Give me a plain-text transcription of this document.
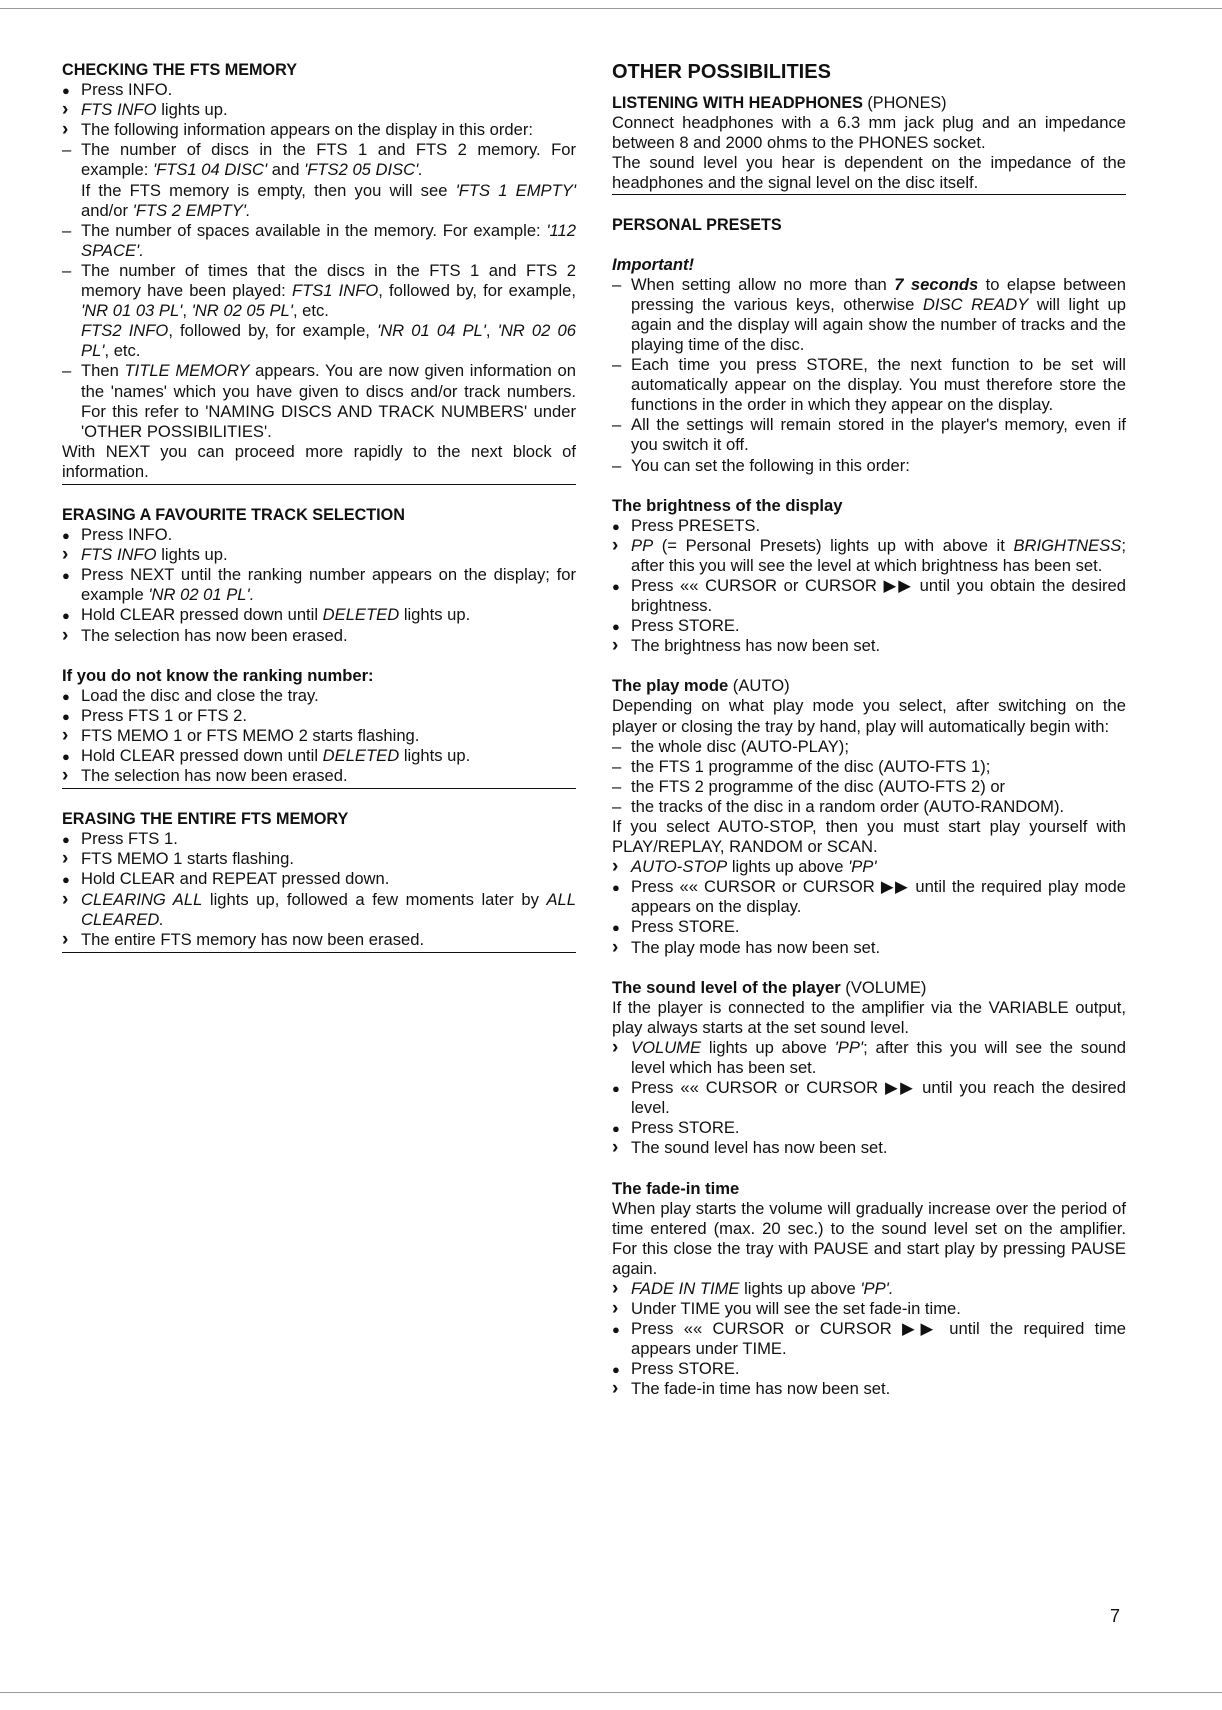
CHECKING THE FTS MEMORY
●
Press INFO.
›
FTS INFO lights up.
›
The following information appears on the display in this order:
–
The number of discs in the FTS 1 and FTS 2 memory. For example: 'FTS1 04 DISC' and 'FTS2 05 DISC'.
If the FTS memory is empty, then you will see 'FTS 1 EMPTY' and/or 'FTS 2 EMPTY'.
–
The number of spaces available in the memory. For example: '112 SPACE'.
–
The number of times that the discs in the FTS 1 and FTS 2 memory have been played: FTS1 INFO, followed by, for example, 'NR 01 03 PL', 'NR 02 05 PL', etc.
FTS2 INFO, followed by, for example, 'NR 01 04 PL', 'NR 02 06 PL', etc.
–
Then TITLE MEMORY appears. You are now given information on the 'names' which you have given to discs and/or track numbers. For this refer to 'NAMING DISCS AND TRACK NUMBERS' under 'OTHER POSSIBILITIES'.

With NEXT you can proceed more rapidly to the next block of information.

ERASING A FAVOURITE TRACK SELECTION
●
Press INFO.
›
FTS INFO lights up.
●
Press NEXT until the ranking number appears on the display; for example 'NR 02 01 PL'.
●
Hold CLEAR pressed down until DELETED lights up.
›
The selection has now been erased.
If you do not know the ranking number:
●
Load the disc and close the tray.
●
Press FTS 1 or FTS 2.
›
FTS MEMO 1 or FTS MEMO 2 starts flashing.
●
Hold CLEAR pressed down until DELETED lights up.
›
The selection has now been erased.
ERASING THE ENTIRE FTS MEMORY
●
Press FTS 1.
›
FTS MEMO 1 starts flashing.
●
Hold CLEAR and REPEAT pressed down.
›
CLEARING ALL lights up, followed a few moments later by ALL CLEARED.
›
The entire FTS memory has now been erased.
OTHER POSSIBILITIES
LISTENING WITH HEADPHONES (PHONES)

Connect headphones with a 6.3 mm jack plug and an impedance between 8 and 2000 ohms to the PHONES socket.

The sound level you hear is dependent on the impedance of the headphones and the signal level on the disc itself.

PERSONAL PRESETS
Important!
–
When setting allow no more than 7 seconds to elapse between pressing the various keys, otherwise DISC READY will light up again and the display will again show the number of tracks and the playing time of the disc.
–
Each time you press STORE, the next function to be set will automatically appear on the display. You must therefore store the functions in the order in which they appear on the display.
–
All the settings will remain stored in the player's memory, even if you switch it off.
–
You can set the following in this order:
The brightness of the display
●
Press PRESETS.
›
PP (= Personal Presets) lights up with above it BRIGHTNESS; after this you will see the level at which brightness has been set.
●
Press «« CURSOR or CURSOR ▶▶ until you obtain the desired brightness.
●
Press STORE.
›
The brightness has now been set.
The play mode (AUTO)

Depending on what play mode you select, after switching on the player or closing the tray by hand, play will automatically begin with:

–
the whole disc (AUTO-PLAY);
–
the FTS 1 programme of the disc (AUTO-FTS 1);
–
the FTS 2 programme of the disc (AUTO-FTS 2) or
–
the tracks of the disc in a random order (AUTO-RANDOM).

If you select AUTO-STOP, then you must start play yourself with PLAY/REPLAY, RANDOM or SCAN.

›
AUTO-STOP lights up above 'PP'
●
Press «« CURSOR or CURSOR ▶▶ until the required play mode appears on the display.
●
Press STORE.
›
The play mode has now been set.
The sound level of the player (VOLUME)

If the player is connected to the amplifier via the VARIABLE output, play always starts at the set sound level.

›
VOLUME lights up above 'PP'; after this you will see the sound level which has been set.
●
Press «« CURSOR or CURSOR ▶▶ until you reach the desired level.
●
Press STORE.
›
The sound level has now been set.
The fade-in time

When play starts the volume will gradually increase over the period of time entered (max. 20 sec.) to the sound level set on the amplifier. For this close the tray with PAUSE and start play by pressing PAUSE again.

›
FADE IN TIME lights up above 'PP'.
›
Under TIME you will see the set fade-in time.
●
Press «« CURSOR or CURSOR ▶▶ until the required time appears under TIME.
●
Press STORE.
›
The fade-in time has now been set.
7
